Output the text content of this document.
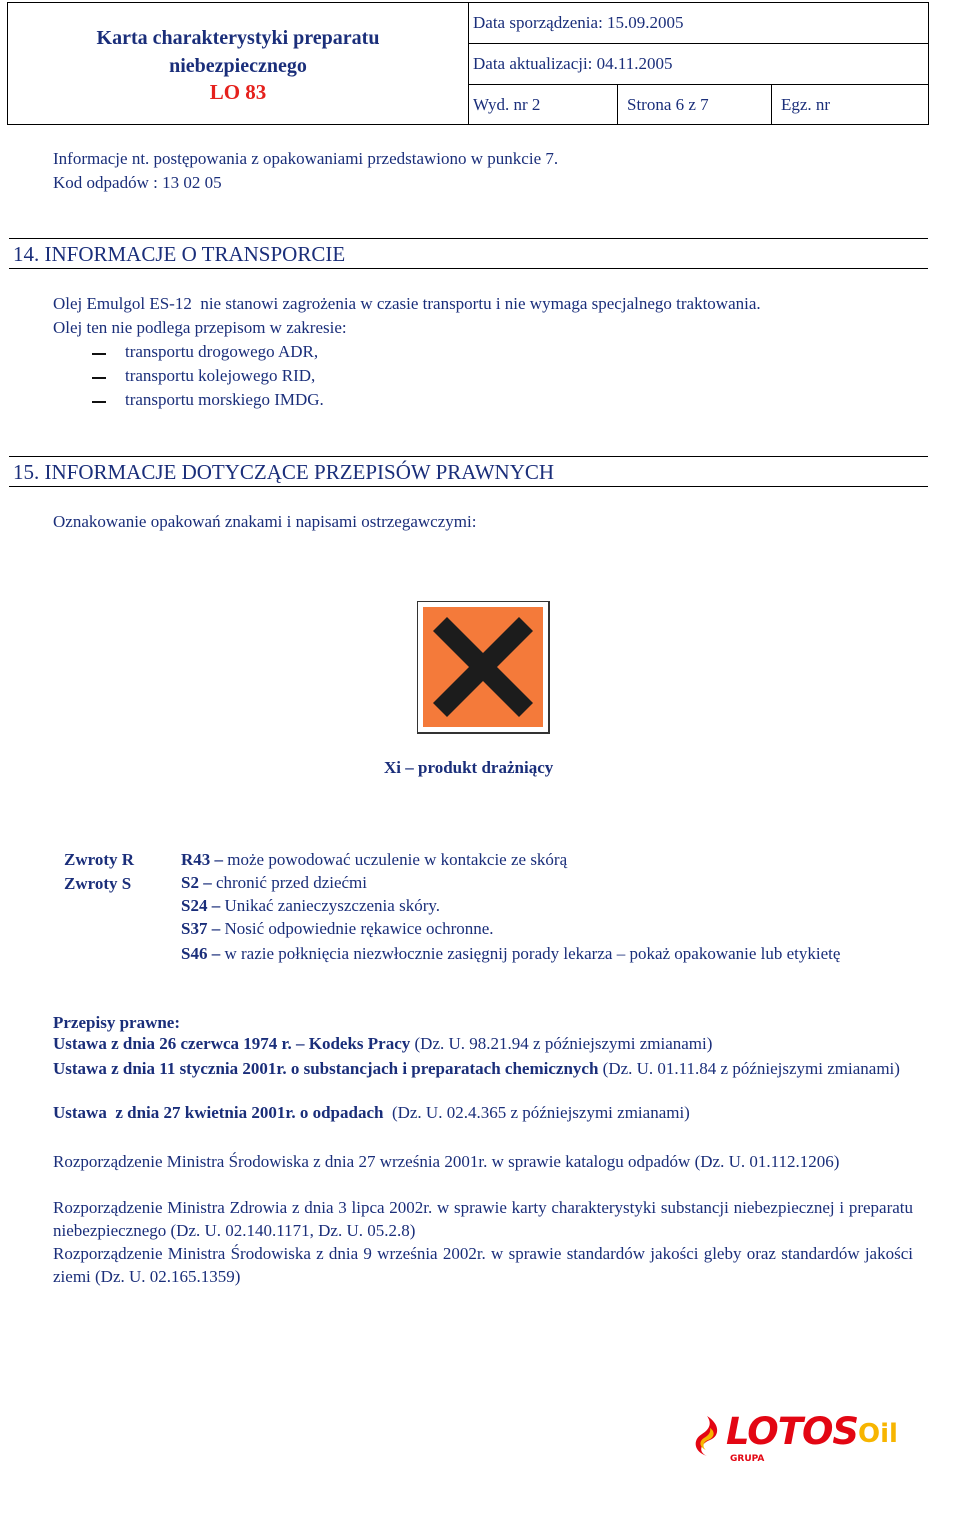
Karta charakterystyki preparatu
niebezpiecznego
LO 83
Data sporządzenia: 15.09.2005
Data aktualizacji: 04.11.2005
Wyd. nr 2	Strona 6 z 7	Egz. nr
Informacje nt. postępowania z opakowaniami przedstawiono w punkcie 7.
Kod odpadów : 13 02 05
14. INFORMACJE O TRANSPORCIE
Olej Emulgol ES-12  nie stanowi zagrożenia w czasie transportu i nie wymaga specjalnego traktowania.
Olej ten nie podlega przepisom w zakresie:
transportu drogowego ADR,
transportu kolejowego RID,
transportu morskiego IMDG.
15. INFORMACJE DOTYCZĄCE PRZEPISÓW PRAWNYCH
Oznakowanie opakowań znakami i napisami ostrzegawczymi:
Xi – produkt drażniący
Zwroty R
Zwroty S
R43 – może powodować uczulenie w kontakcie ze skórą
S2 – chronić przed dziećmi
S24 – Unikać zanieczyszczenia skóry.
S37 – Nosić odpowiednie rękawice ochronne.
S46 – w razie połknięcia niezwłocznie zasięgnij porady lekarza – pokaż opakowanie lub etykietę
Przepisy prawne:
Ustawa z dnia 26 czerwca 1974 r. – Kodeks Pracy (Dz. U. 98.21.94 z późniejszymi zmianami)
Ustawa z dnia 11 stycznia 2001r. o substancjach i preparatach chemicznych (Dz. U. 01.11.84 z późniejszymi zmianami)
Ustawa  z dnia 27 kwietnia 2001r. o odpadach  (Dz. U. 02.4.365 z późniejszymi zmianami)

Rozporządzenie Ministra Środowiska z dnia 27 września 2001r. w sprawie katalogu odpadów (Dz. U. 01.112.1206)

Rozporządzenie Ministra Zdrowia z dnia 3 lipca 2002r. w sprawie karty charakterystyki substancji niebezpiecznej i preparatu niebezpiecznego (Dz. U. 02.140.1171, Dz. U. 05.2.8)

Rozporządzenie Ministra Środowiska z dnia 9 września 2002r. w sprawie standardów jakości gleby oraz standardów jakości ziemi (Dz. U. 02.165.1359)

LOTOS Oil
GRUPA
